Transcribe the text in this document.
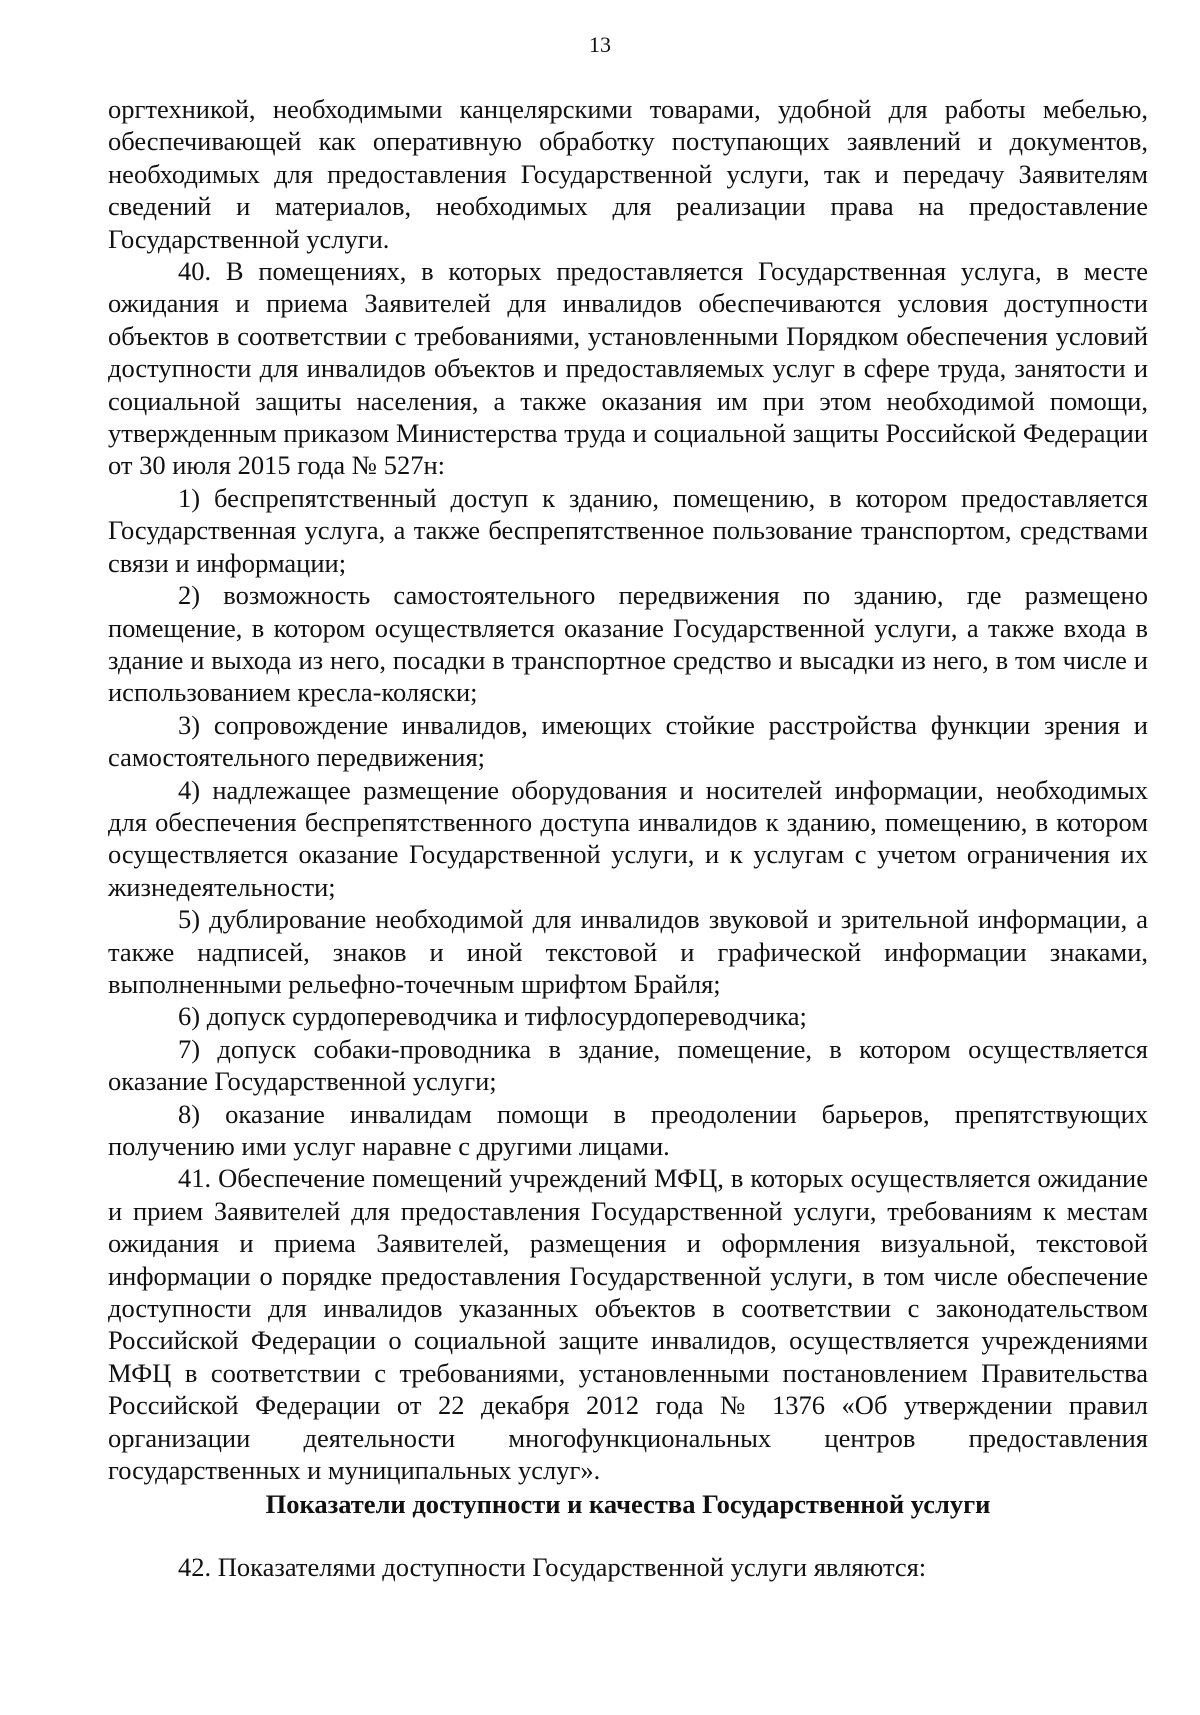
13

оргтехникой, необходимыми канцелярскими товарами, удобной для работы мебелью, обеспечивающей как оперативную обработку поступающих заявлений и документов, необходимых для предоставления Государственной услуги, так и передачу Заявителям сведений и материалов, необходимых для реализации права на предоставление Государственной услуги.

40. В помещениях, в которых предоставляется Государственная услуга, в месте ожидания и приема Заявителей для инвалидов обеспечиваются условия доступности объектов в соответствии с требованиями, установленными Порядком обеспечения условий доступности для инвалидов объектов и предоставляемых услуг в сфере труда, занятости и социальной защиты населения, а также оказания им при этом необходимой помощи, утвержденным приказом Министерства труда и социальной защиты Российской Федерации от 30 июля 2015 года № 527н:

1) беспрепятственный доступ к зданию, помещению, в котором предоставляется Государственная услуга, а также беспрепятственное пользование транспортом, средствами связи и информации;

2) возможность самостоятельного передвижения по зданию, где размещено помещение, в котором осуществляется оказание Государственной услуги, а также входа в здание и выхода из него, посадки в транспортное средство и высадки из него, в том числе и использованием кресла-коляски;

3) сопровождение инвалидов, имеющих стойкие расстройства функции зрения и самостоятельного передвижения;

4) надлежащее размещение оборудования и носителей информации, необходимых для обеспечения беспрепятственного доступа инвалидов к зданию, помещению, в котором осуществляется оказание Государственной услуги, и к услугам с учетом ограничения их жизнедеятельности;

5) дублирование необходимой для инвалидов звуковой и зрительной информации, а также надписей, знаков и иной текстовой и графической информации знаками, выполненными рельефно-точечным шрифтом Брайля;

6) допуск сурдопереводчика и тифлосурдопереводчика;

7) допуск собаки-проводника в здание, помещение, в котором осуществляется оказание Государственной услуги;

8) оказание инвалидам помощи в преодолении барьеров, препятствующих получению ими услуг наравне с другими лицами.

41. Обеспечение помещений учреждений МФЦ, в которых осуществляется ожидание и прием Заявителей для предоставления Государственной услуги, требованиям к местам ожидания и приема Заявителей, размещения и оформления визуальной, текстовой информации о порядке предоставления Государственной услуги, в том числе обеспечение доступности для инвалидов указанных объектов в соответствии с законодательством Российской Федерации о социальной защите инвалидов, осуществляется учреждениями МФЦ в соответствии с требованиями, установленными постановлением Правительства Российской Федерации от 22 декабря 2012 года № 1376 «Об утверждении правил организации деятельности многофункциональных центров предоставления государственных и муниципальных услуг».

Показатели доступности и качества Государственной услуги

42. Показателями доступности Государственной услуги являются:
